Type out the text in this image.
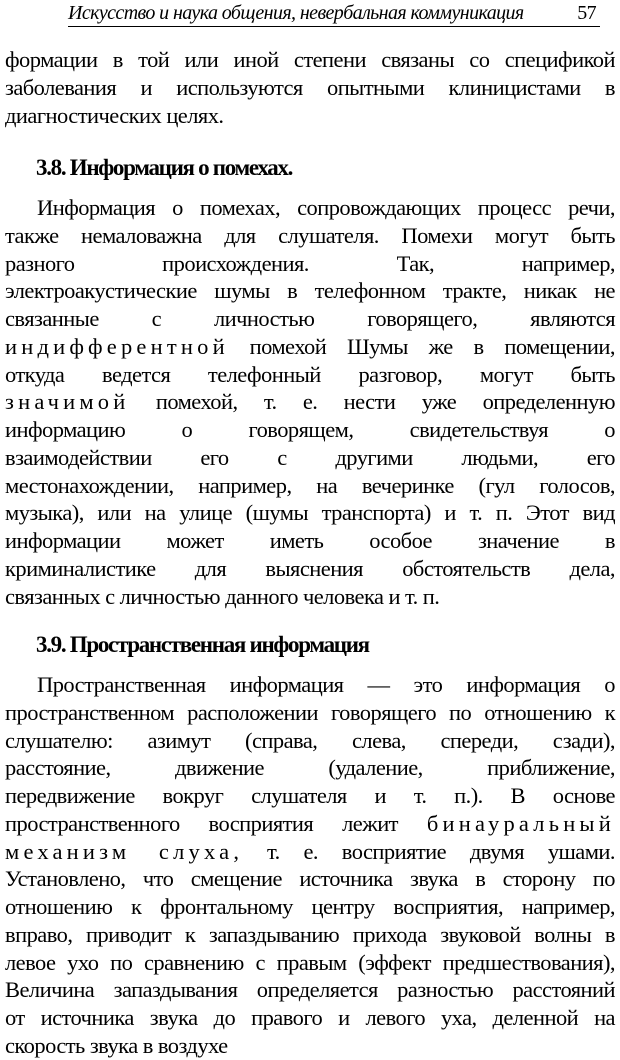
Искусство и наука общения, невербальная коммуникация	57
формации в той или иной степени связаны со спецификой
заболевания и используются опытными клиницистами в
диагностических целях.
3.8. Информация о помехах.
Информация о помехах, сопровождающих процесс речи,
также немаловажна для слушателя. Помехи могут быть
разного происхождения. Так, например,
электроакустические шумы в телефонном тракте, никак не
связанные с личностью говорящего, являются
индифферентной помехой Шумы же в помещении,
откуда ведется телефонный разговор, могут быть
значимой помехой, т. е. нести уже определенную
информацию о говорящем, свидетельствуя о
взаимодействии его с другими людьми, его
местонахождении, например, на вечеринке (гул голосов,
музыка), или на улице (шумы транспорта) и т. п. Этот вид
информации может иметь особое значение в
криминалистике для выяснения обстоятельств дела,
связанных с личностью данного человека и т. п.
3.9. Пространственная информация
Пространственная информация — это информация о
пространственном расположении говорящего по отношению к
слушателю: азимут (справа, слева, спереди, сзади),
расстояние, движение (удаление, приближение,
передвижение вокруг слушателя и т. п.). В основе
пространственного восприятия лежит бинауральный
механизм слуха, т. е. восприятие двумя ушами.
Установлено, что смещение источника звука в сторону по
отношению к фронтальному центру восприятия, например,
вправо, приводит к запаздыванию прихода звуковой волны в
левое ухо по сравнению с правым (эффект предшествования),
Величина запаздывания определяется разностью расстояний
от источника звука до правого и левого уха, деленной на
скорость звука в воздухе
